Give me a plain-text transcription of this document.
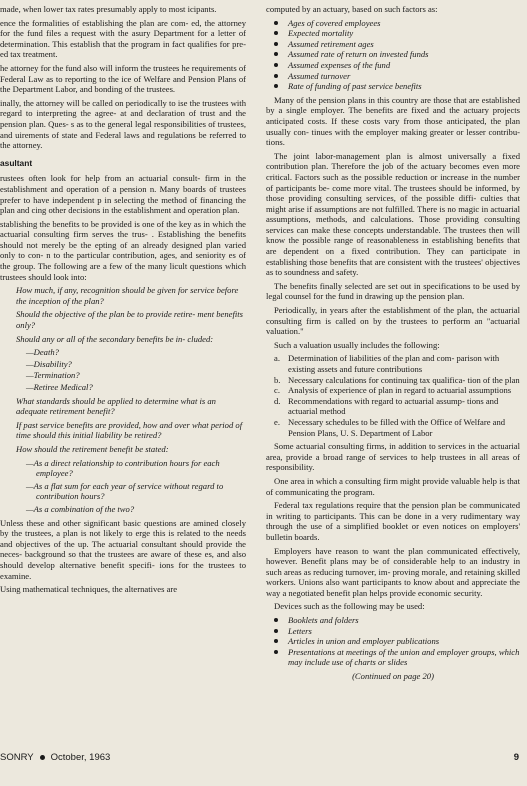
made, when lower tax rates presumably apply to most icipants.

ence the formalities of establishing the plan are com- ed, the attorney for the fund files a request with the asury Department for a letter of determination. This establish that the program in fact qualifies for pre- ed tax treatment.

he attorney for the fund also will inform the trustees he requirements of Federal Law as to reporting to the ice of Welfare and Pension Plans of the Department Labor, and bonding of the trustees.

inally, the attorney will be called on periodically to ise the trustees with regard to interpreting the agree- at and declaration of trust and the pension plan. Ques- s as to the general legal responsibilities of trustees, and uirements of state and Federal laws and regulations be referred to the attorney.

asultant

rustees often look for help from an actuarial consult- firm in the establishment and operation of a pension n. Many boards of trustees prefer to have independent p in selecting the method of financing the plan and cing other decisions in the establishment and operation plan.

stablishing the benefits to be provided is one of the key as in which the actuarial consulting firm serves the trus- . Establishing the benefits should not merely be the epting of an already designed plan varied only to con- n to the particular contribution, ages, and seniority es of the group. The following are a few of the many licult questions which trustees should look into:

How much, if any, recognition should be given for service before the inception of the plan?

Should the objective of the plan be to provide retire- ment benefits only?

Should any or all of the secondary benefits be in- cluded:

—Death?
—Disability?
—Termination?
—Retiree Medical?

What standards should be applied to determine what is an adequate retirement benefit?

If past service benefits are provided, how and over what period of time should this initial liability be retired?

How should the retirement benefit be stated:

—As a direct relationship to contribution hours for each employee?
—As a flat sum for each year of service without regard to contribution hours?
—As a combination of the two?

Unless these and other significant basic questions are amined closely by the trustees, a plan is not likely to erge this is related to the needs and objectives of the up. The actuarial consultant should provide the neces- background so that the trustees are aware of these es, and also should develop alternative benefit specifi- ions for the trustees to examine.

Using mathematical techniques, the alternatives are

computed by an actuary, based on such factors as:

Ages of covered employees
Expected mortality
Assumed retirement ages
Assumed rate of return on invested funds
Assumed expenses of the fund
Assumed turnover
Rate of funding of past service benefits

Many of the pension plans in this country are those that are established by a single employer. The benefits are fixed and the actuary projects anticipated costs. If these costs vary from those anticipated, the plan usually con- tinues with the employer making greater or lesser contribu- tions.

The joint labor-management plan is almost universally a fixed contribution plan. Therefore the job of the actuary becomes even more critical. Factors such as the possible reduction or increase in the number of participants be- come more vital. The trustees should be informed, by those providing consulting services, of the possible diffi- culties that might arise if assumptions are not fulfilled. There is no magic in actuarial assumptions, methods, and calculations. Those providing consulting services can make these concepts understandable. The trustees then will know the possible range of reasonableness in establishing benefits that are dependent on a fixed contribution. They can participate in establishing those benefits that are consistent with the trustees' objectives as to soundness and safety.

The benefits finally selected are set out in specifications to be used by legal counsel for the fund in drawing up the pension plan.

Periodically, in years after the establishment of the plan, the actuarial consulting firm is called on by the trustees to perform an "actuarial valuation."

Such a valuation usually includes the following:

a. Determination of liabilities of the plan and com- parison with existing assets and future contributions
b. Necessary calculations for continuing tax qualifica- tion of the plan
c. Analysis of experience of plan in regard to actuarial assumptions
d. Recommendations with regard to actuarial assump- tions and actuarial method
e. Necessary schedules to be filled with the Office of Welfare and Pension Plans, U. S. Department of Labor

Some actuarial consulting firms, in addition to services in the actuarial area, provide a broad range of services to help trustees in all areas of responsibility.

One area in which a consulting firm might provide valuable help is that of communicating the program.

Federal tax regulations require that the pension plan be communicated in writing to participants. This can be done in a very rudimentary way through the use of a simplified booklet or even notices on employers' bulletin boards.

Employers have reason to want the plan communicated effectively, however. Benefit plans may be of considerable help to an industry in such areas as reducing turnover, im- proving morale, and retaining skilled workers. Unions also want participants to know about and appreciate the way a negotiated benefit plan helps provide economic security.

Devices such as the following may be used:

Booklets and folders
Letters
Articles in union and employer publications
Presentations at meetings of the union and employer groups, which may include use of charts or slides

(Continued on page 20)

SONRY October, 1963	9
